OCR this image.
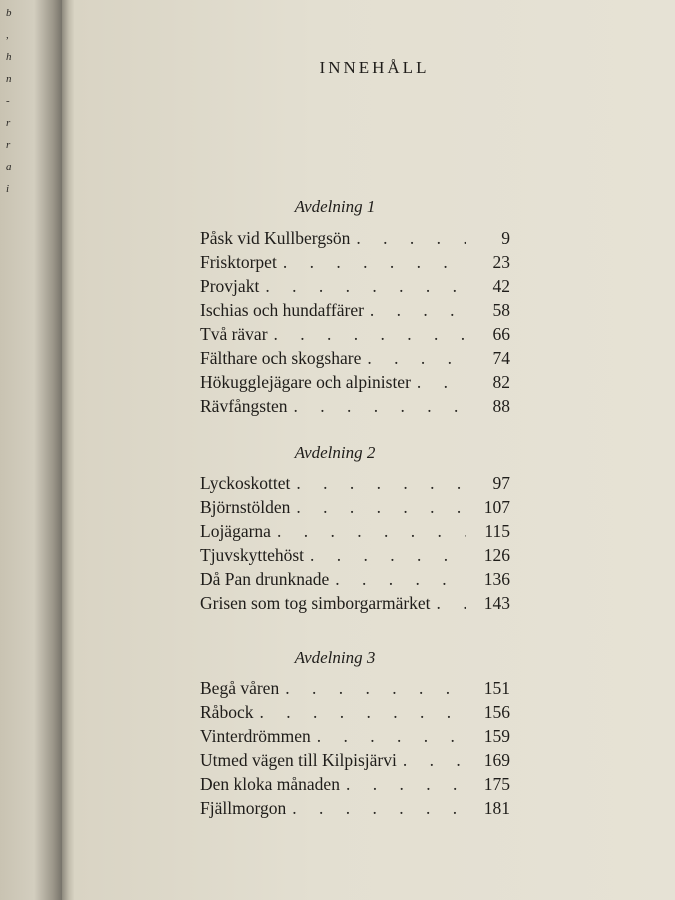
b
,
h
n
-
r
r
a
i
INNEHÅLL
Avdelning 1
Påsk vid Kullbergsön . . .	9
Frisktorpet . . .	23
Provjakt . . .	42
Ischias och hundaffärer . . .	58
Två rävar . . .	66
Fälthare och skogshare . . .	74
Hökugglejägare och alpinister . . .	82
Rävfångsten . . .	88
Avdelning 2
Lyckoskottet . . .	97
Björnstölden . . .	107
Lojägarna . . .	115
Tjuvskyttehöst . . .	126
Då Pan drunknade . . .	136
Grisen som tog simborgarmärket . . .	143
Avdelning 3
Begå våren . . .	151
Råbock . . .	156
Vinterdrömmen . . .	159
Utmed vägen till Kilpisjärvi . . .	169
Den kloka månaden . . .	175
Fjällmorgon . . .	181
